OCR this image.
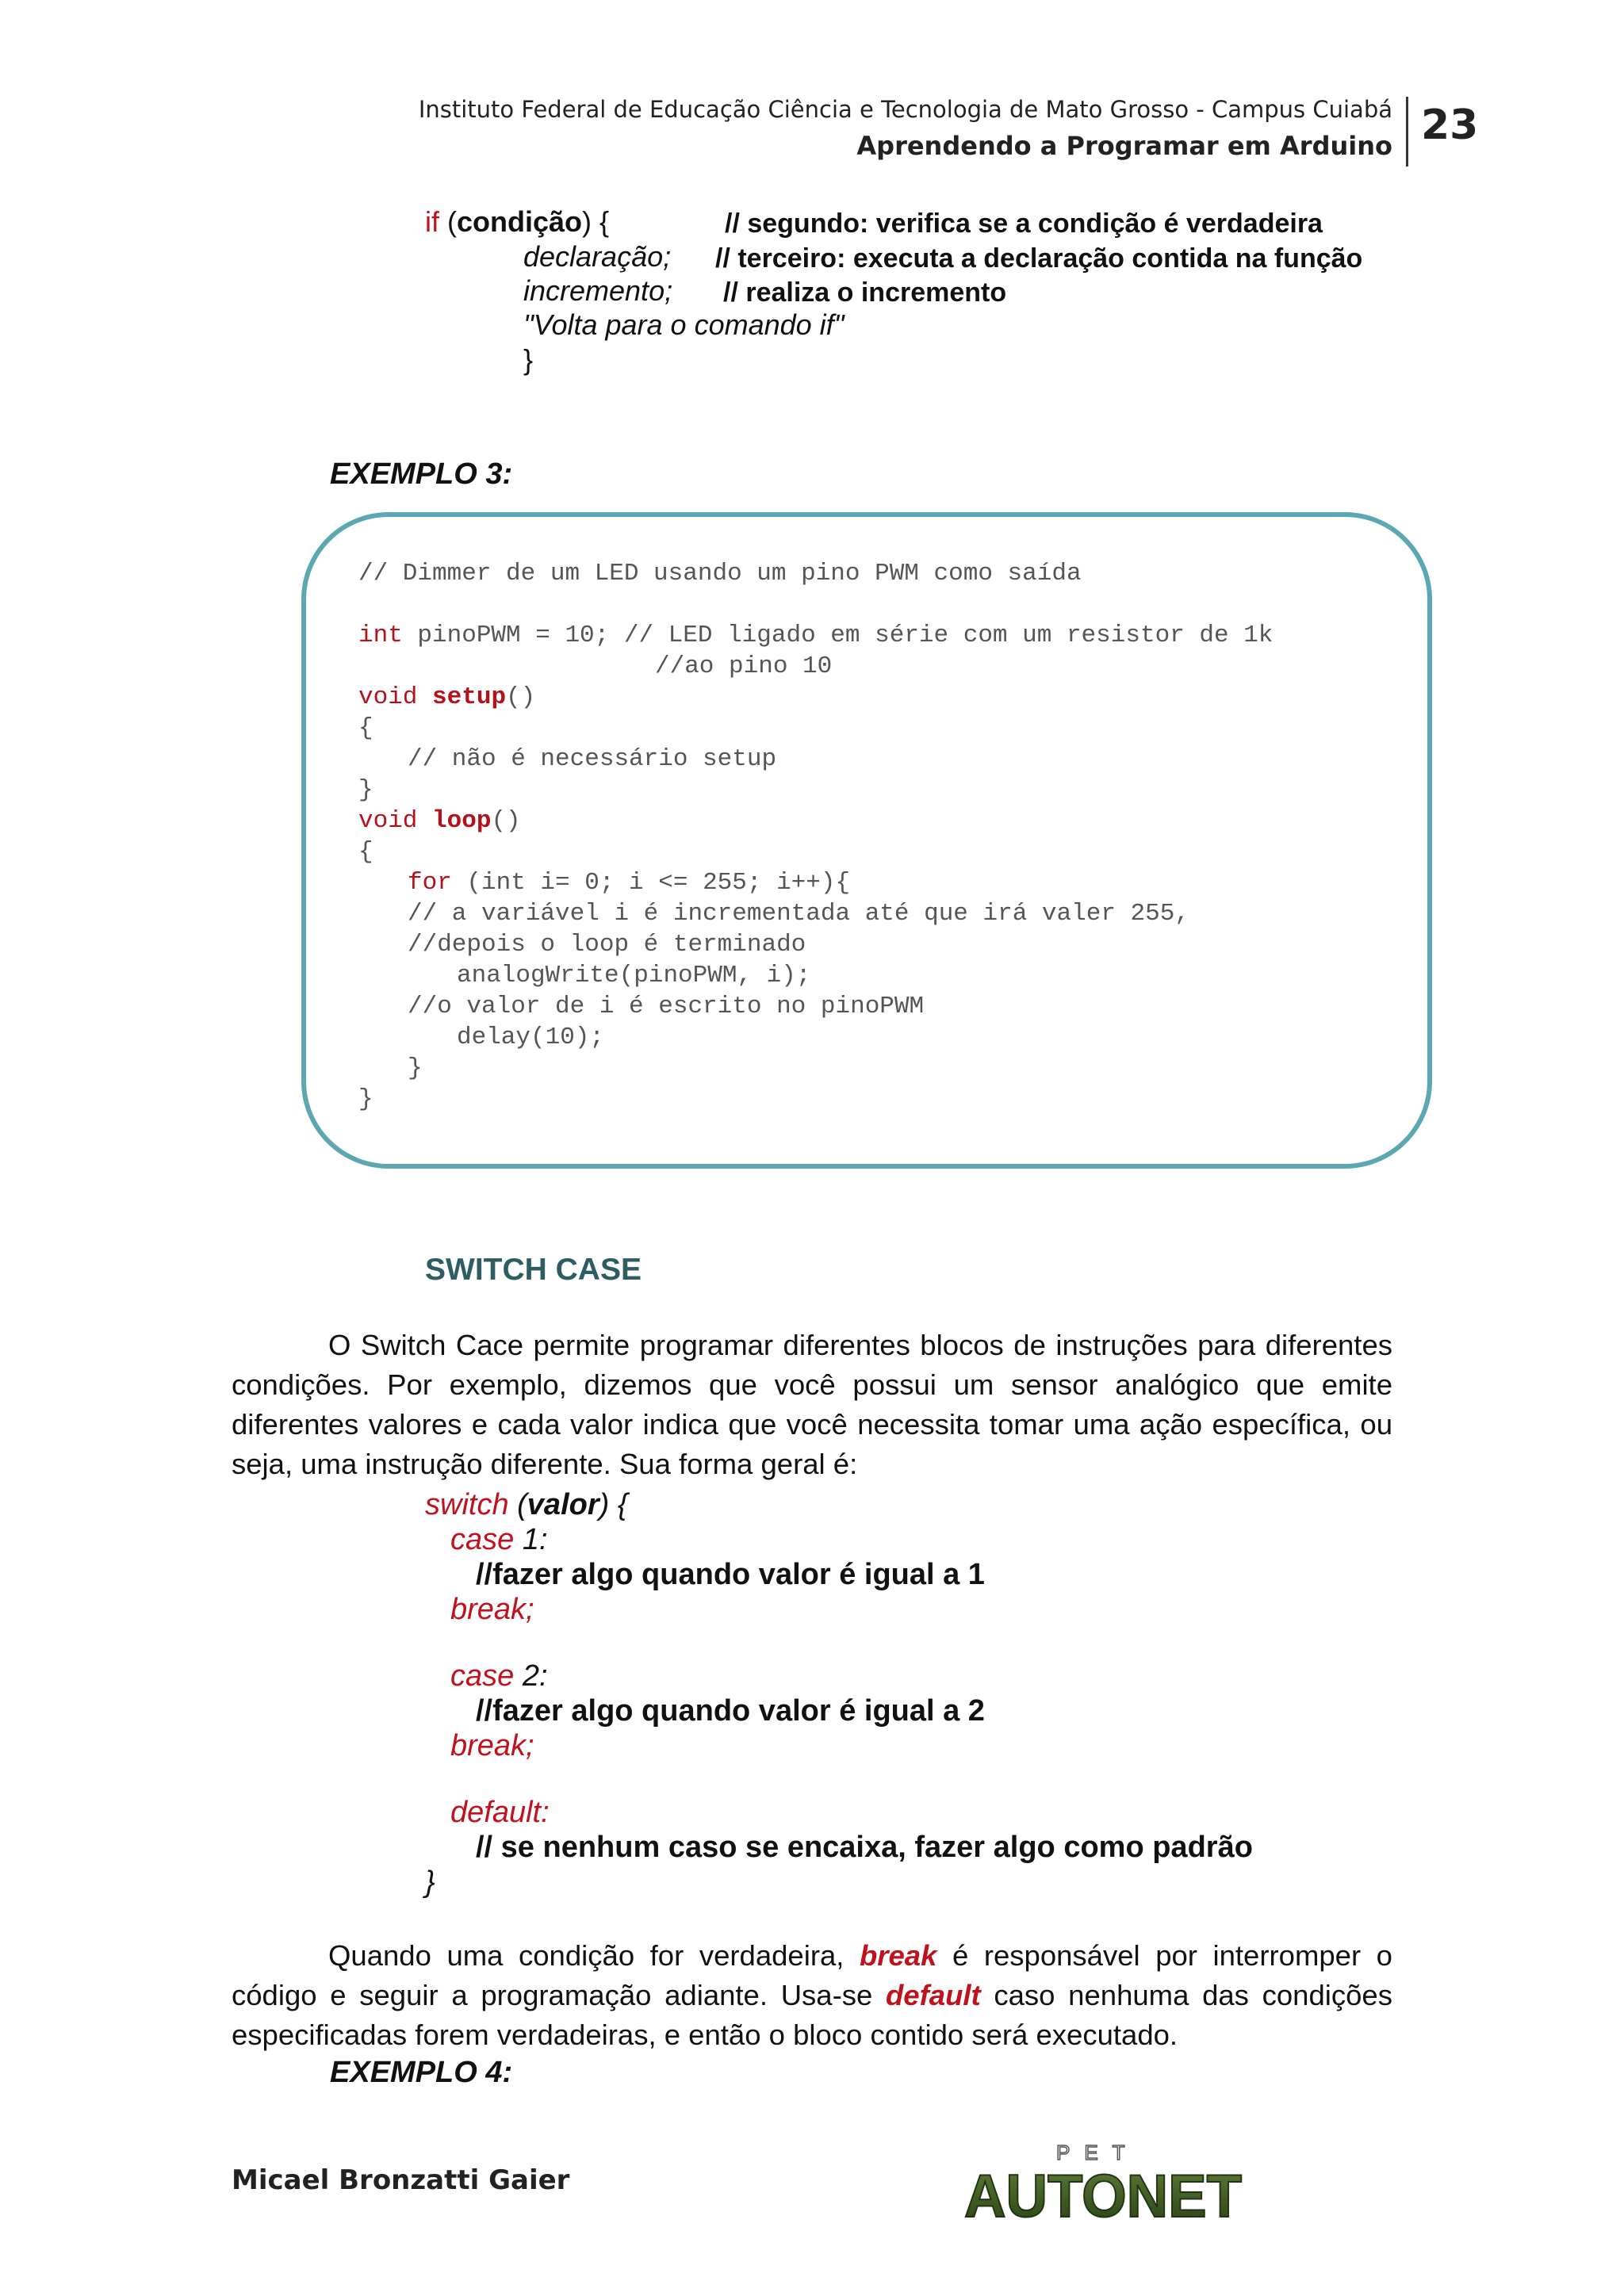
Instituto Federal de Educação Ciência e Tecnologia de Mato Grosso - Campus Cuiabá
Aprendendo a Programar em Arduino 23
if (condição) {	// segundo: verifica se a condição é verdadeira
declaração; // terceiro: executa a declaração contida na função
incremento; // realiza o incremento
"Volta para o comando if"
}
EXEMPLO 3:
// Dimmer de um LED usando um pino PWM como saída
int pinoPWM = 10; // LED ligado em série com um resistor de 1k
//ao pino 10
void setup()
{
// não é necessário setup
}
void loop()
{
for (int i= 0; i <= 255; i++){
// a variável i é incrementada até que irá valer 255,
//depois o loop é terminado
analogWrite(pinoPWM, i);
//o valor de i é escrito no pinoPWM
delay(10);
}
}
SWITCH CASE
O Switch Cace permite programar diferentes blocos de instruções para diferentes condições. Por exemplo, dizemos que você possui um sensor analógico que emite diferentes valores e cada valor indica que você necessita tomar uma ação específica, ou seja, uma instrução diferente. Sua forma geral é:
switch (valor) {
case 1:
//fazer algo quando valor é igual a 1
break;
case 2:
//fazer algo quando valor é igual a 2
break;
default:
// se nenhum caso se encaixa, fazer algo como padrão
}
Quando uma condição for verdadeira, break é responsável por interromper o código e seguir a programação adiante. Usa-se default caso nenhuma das condições especificadas forem verdadeiras, e então o bloco contido será executado.
EXEMPLO 4:
Micael Bronzatti Gaier
PET
AUTONET
